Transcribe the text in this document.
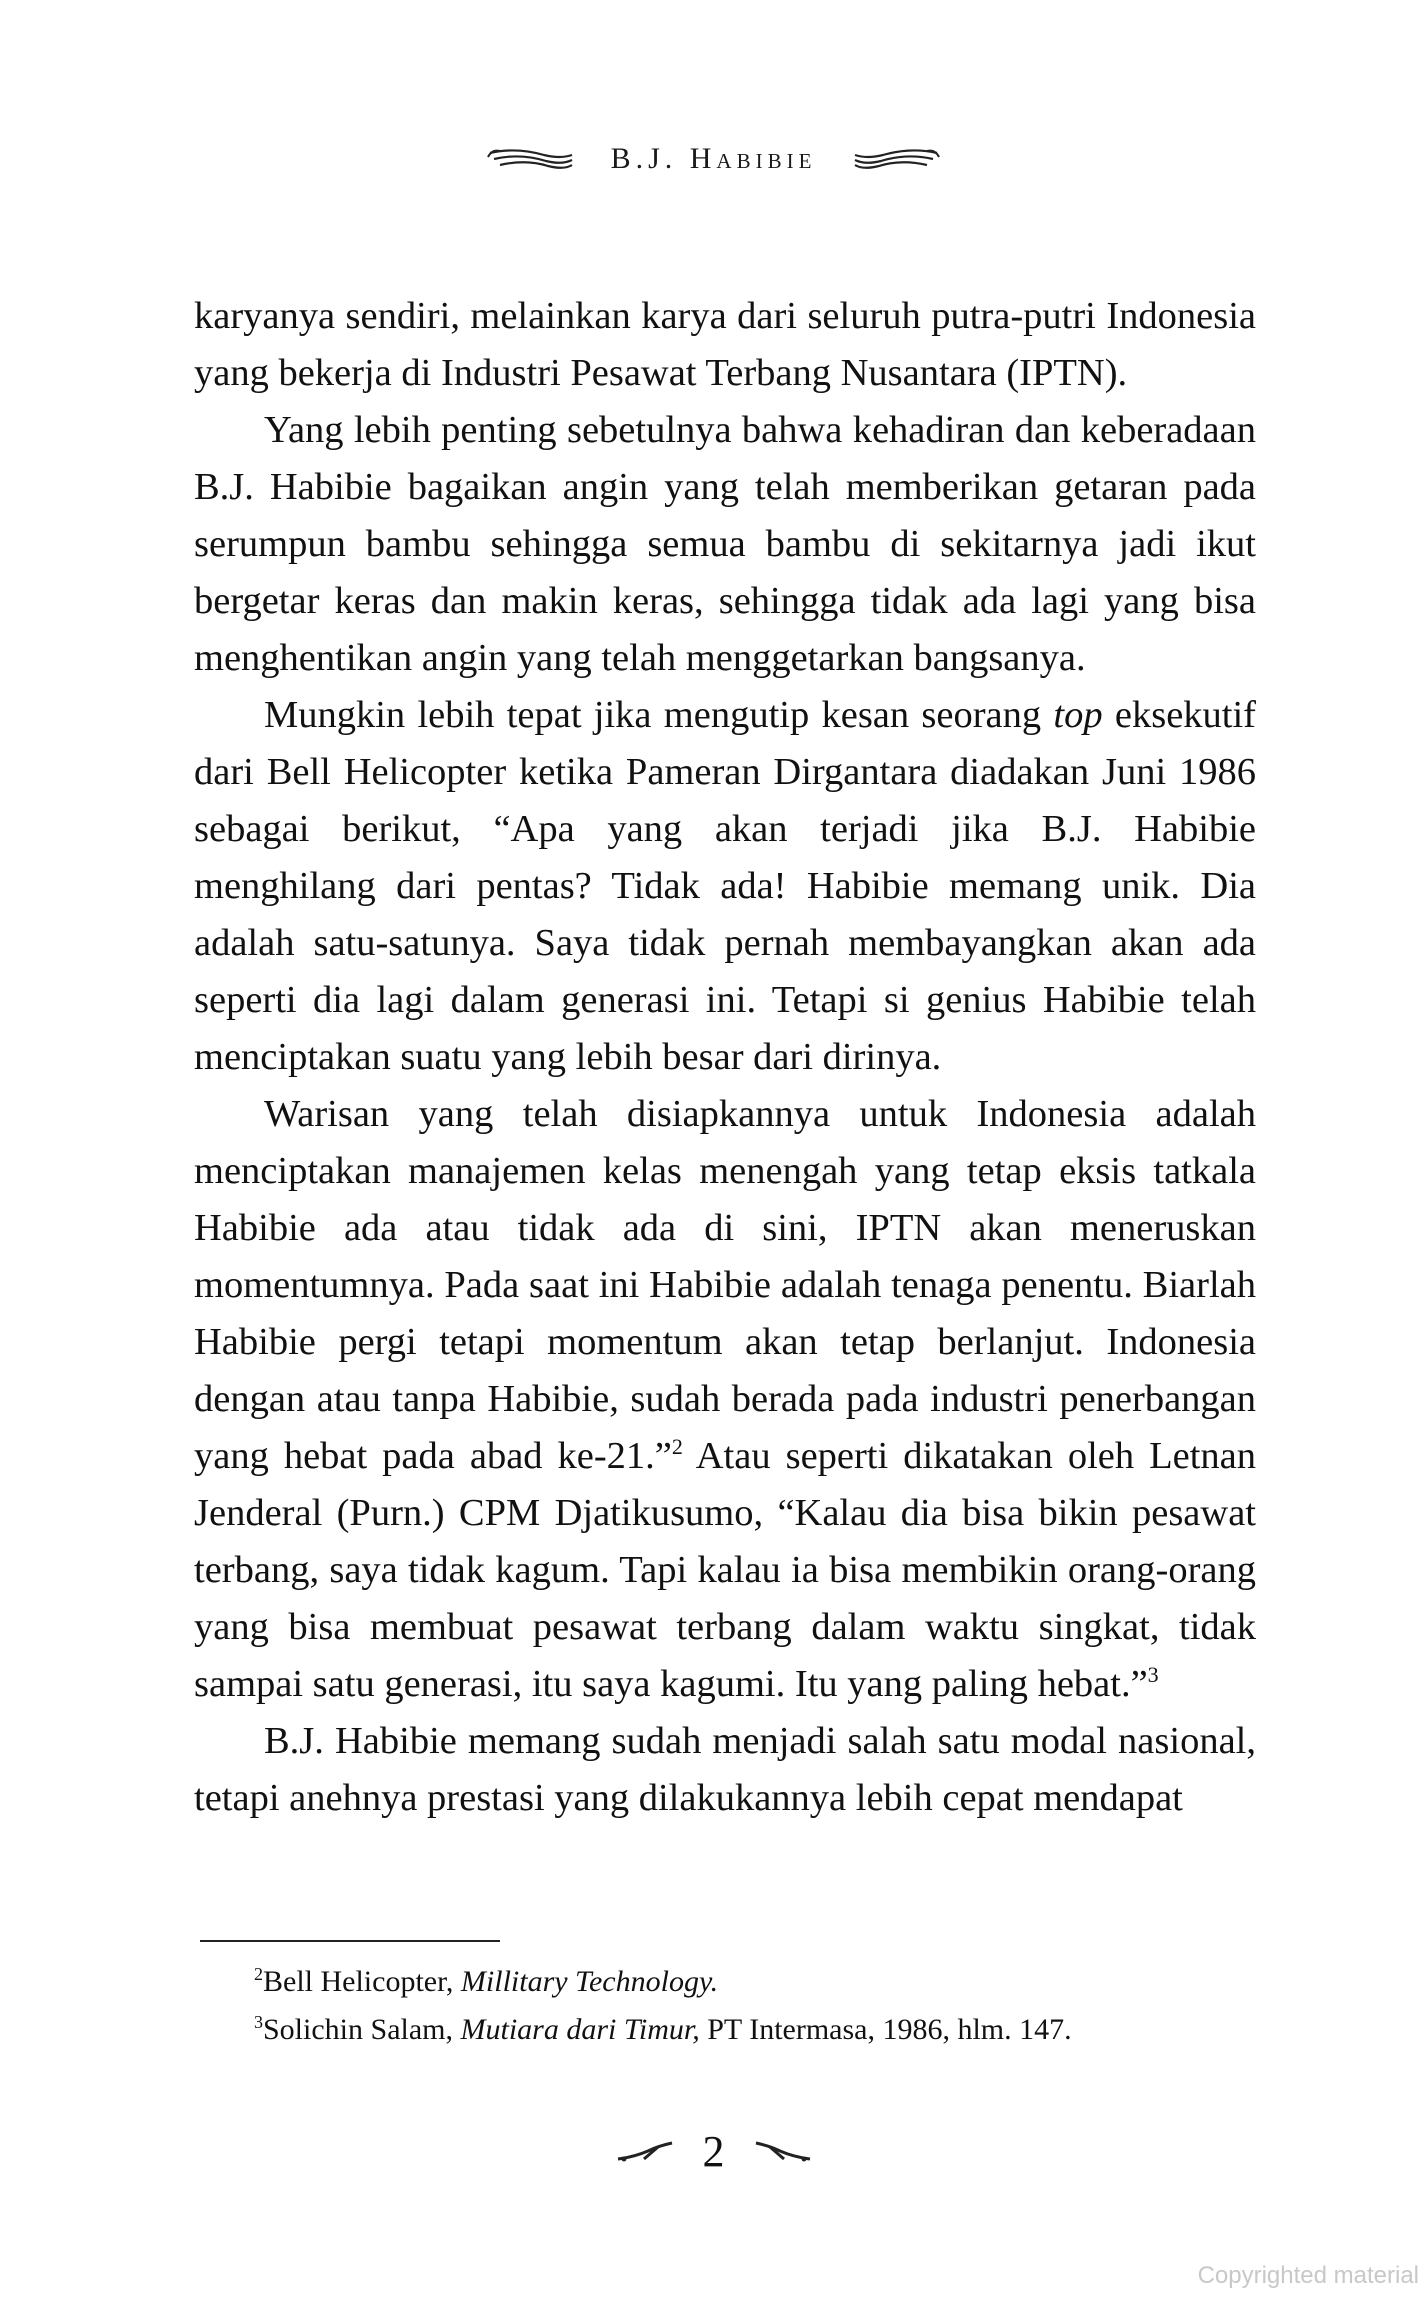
B.J. Habibie

karyanya sendiri, melainkan karya dari seluruh putra-putri Indonesia yang bekerja di Industri Pesawat Terbang Nusantara (IPTN).

Yang lebih penting sebetulnya bahwa kehadiran dan keberadaan B.J. Habibie bagaikan angin yang telah memberikan getaran pada serumpun bambu sehingga semua bambu di sekitarnya jadi ikut bergetar keras dan makin keras, sehingga tidak ada lagi yang bisa menghentikan angin yang telah menggetarkan bangsanya.

Mungkin lebih tepat jika mengutip kesan seorang top eksekutif dari Bell Helicopter ketika Pameran Dirgantara diadakan Juni 1986 sebagai berikut, “Apa yang akan terjadi jika B.J. Habibie menghilang dari pentas? Tidak ada! Habibie memang unik. Dia adalah satu-satunya. Saya tidak pernah membayangkan akan ada seperti dia lagi dalam generasi ini. Tetapi si genius Habibie telah menciptakan suatu yang lebih besar dari dirinya.

Warisan yang telah disiapkannya untuk Indonesia adalah menciptakan manajemen kelas menengah yang tetap eksis tatkala Habibie ada atau tidak ada di sini, IPTN akan meneruskan momentumnya. Pada saat ini Habibie adalah tenaga penentu. Biarlah Habibie pergi tetapi momentum akan tetap berlanjut. Indonesia dengan atau tanpa Habibie, sudah berada pada industri penerbangan yang hebat pada abad ke-21.”$^2$ Atau seperti dikatakan oleh Letnan Jenderal (Purn.) CPM Djatikusumo, “Kalau dia bisa bikin pesawat terbang, saya tidak kagum. Tapi kalau ia bisa membikin orang-orang yang bisa membuat pesawat terbang dalam waktu singkat, tidak sampai satu generasi, itu saya kagumi. Itu yang paling hebat.”$^3$

B.J. Habibie memang sudah menjadi salah satu modal nasional, tetapi anehnya prestasi yang dilakukannya lebih cepat mendapat

$^2$Bell Helicopter, Millitary Technology.

$^3$Solichin Salam, Mutiara dari Timur, PT Intermasa, 1986, hlm. 147.

2
Copyrighted material
